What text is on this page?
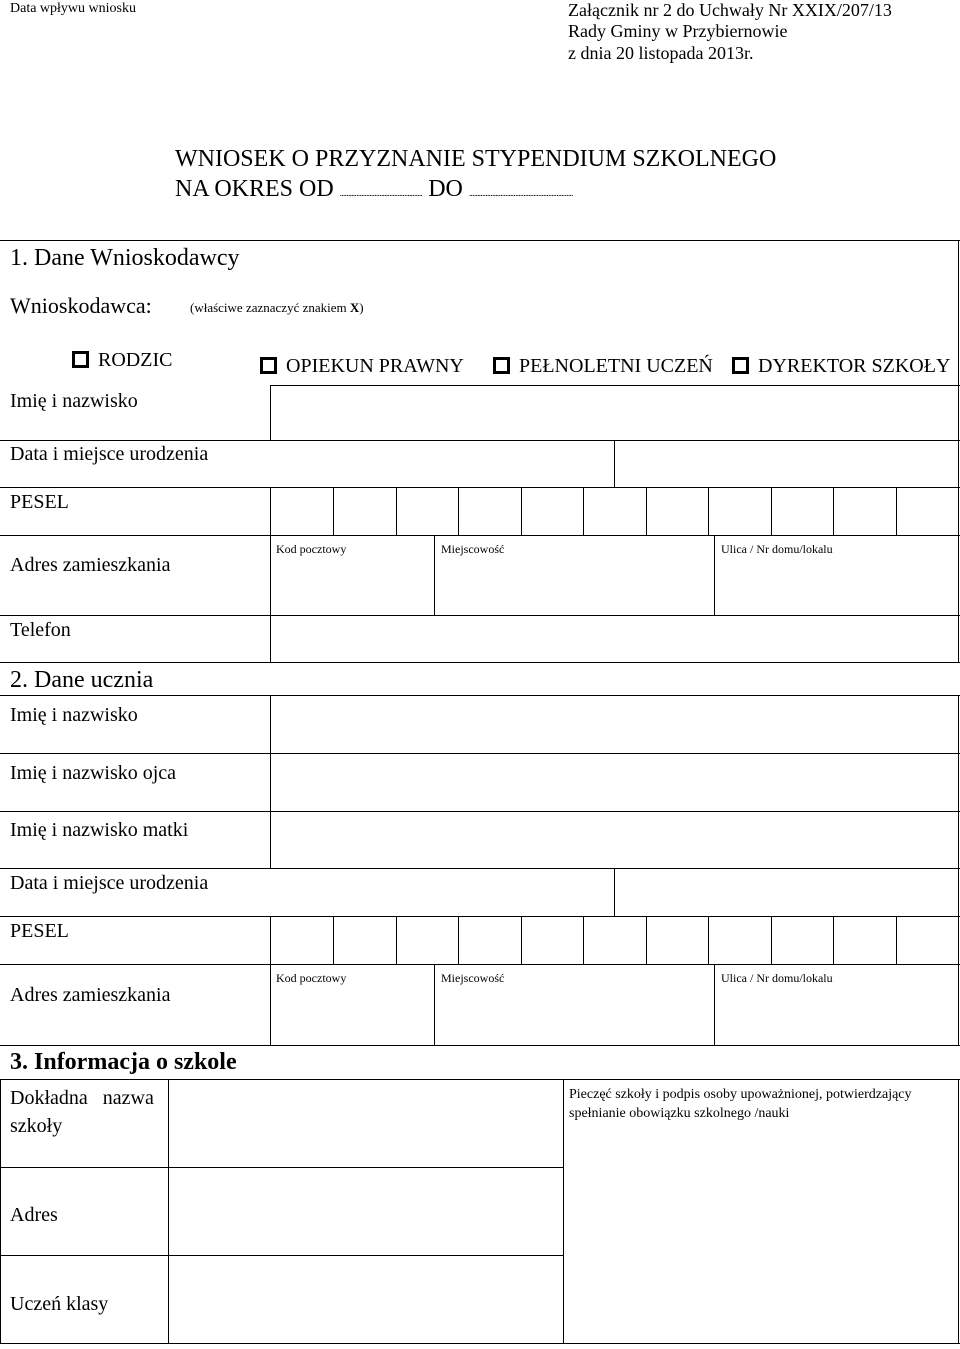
Data wpływu wniosku	Załącznik nr 2 do Uchwały Nr XXIX/207/13
Rady Gminy w Przybiernowie
z dnia 20 listopada 2013r.
WNIOSEK O PRZYZNANIE STYPENDIUM SZKOLNEGO
NA OKRES OD .................................................. DO ...............................................................
1. Dane Wnioskodawcy
Wnioskodawca:	(właściwe zaznaczyć znakiem X)
RODZIC	OPIEKUN PRAWNY	PEŁNOLETNI UCZEŃ	DYREKTOR SZKOŁY
Imię i nazwisko
Data i miejsce urodzenia
PESEL
Adres zamieszkania
Kod pocztowy	Miejscowość	Ulica / Nr domu/lokalu
Telefon
2. Dane ucznia
Imię i nazwisko
Imię i nazwisko ojca
Imię i nazwisko matki
Data i miejsce urodzenia
PESEL
Adres zamieszkania
Kod pocztowy	Miejscowość	Ulica / Nr domu/lokalu
3. Informacja o szkole
Dokładna   nazwa
szkoły
Pieczęć szkoły i podpis osoby upoważnionej, potwierdzający
spełnianie obowiązku szkolnego /nauki
Adres
Uczeń klasy
